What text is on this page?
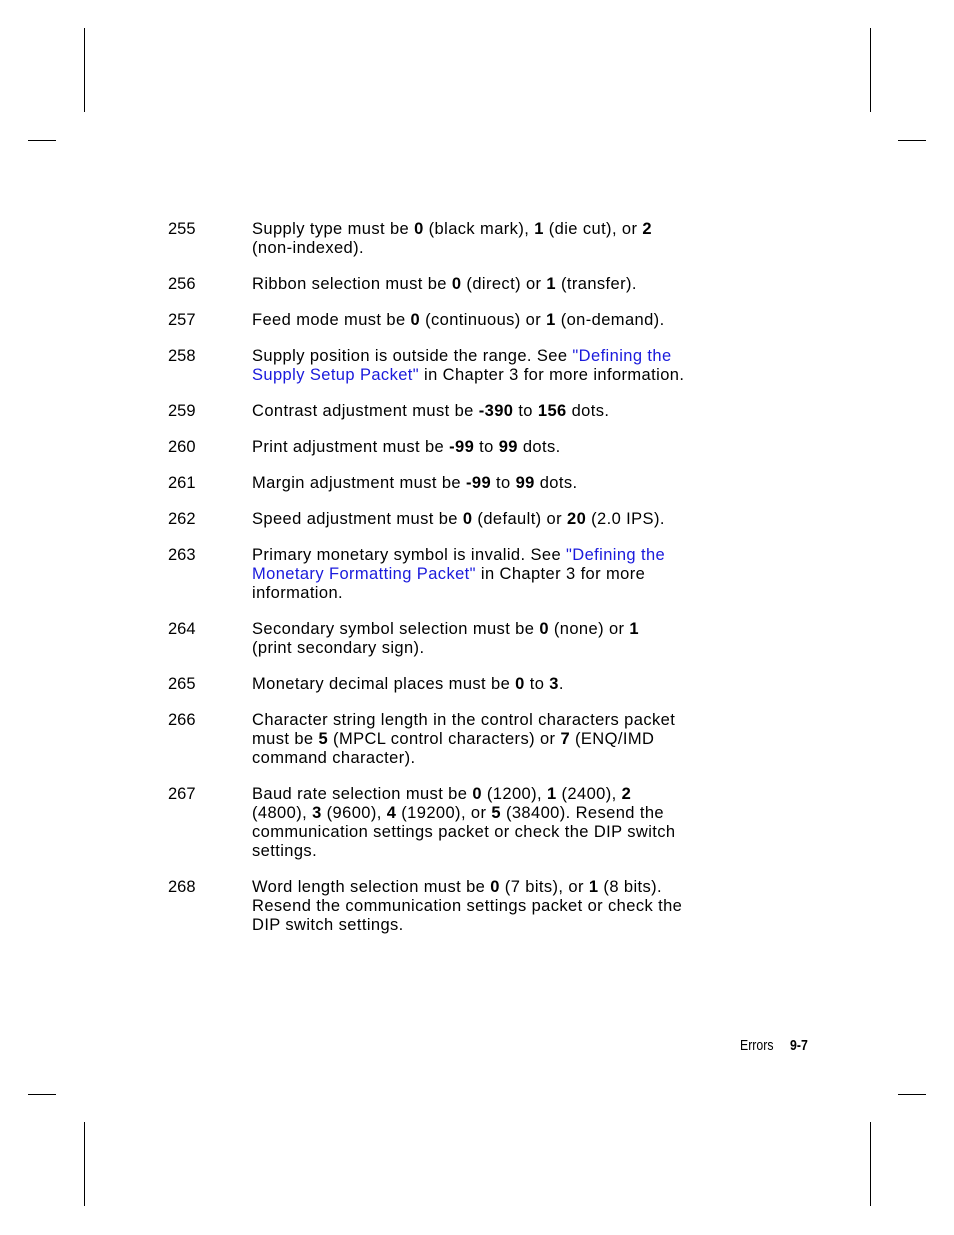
255	Supply type must be 0 (black mark), 1 (die cut), or 2
(non-indexed).
256	Ribbon selection must be 0 (direct) or 1 (transfer).
257	Feed mode must be 0 (continuous) or 1 (on-demand).
258	Supply position is outside the range. See "Defining the
Supply Setup Packet" in Chapter 3 for more information.
259	Contrast adjustment must be -390 to 156 dots.
260	Print adjustment must be -99 to 99 dots.
261	Margin adjustment must be -99 to 99 dots.
262	Speed adjustment must be 0 (default) or 20 (2.0 IPS).
263	Primary monetary symbol is invalid. See "Defining the
Monetary Formatting Packet" in Chapter 3 for more
information.
264	Secondary symbol selection must be 0 (none) or 1
(print secondary sign).
265	Monetary decimal places must be 0 to 3.
266	Character string length in the control characters packet
must be 5 (MPCL control characters) or 7 (ENQ/IMD
command character).
267	Baud rate selection must be 0 (1200), 1 (2400), 2
(4800), 3 (9600), 4 (19200), or 5 (38400). Resend the
communication settings packet or check the DIP switch
settings.
268	Word length selection must be 0 (7 bits), or 1 (8 bits).
Resend the communication settings packet or check the
DIP switch settings.
Errors 9-7
